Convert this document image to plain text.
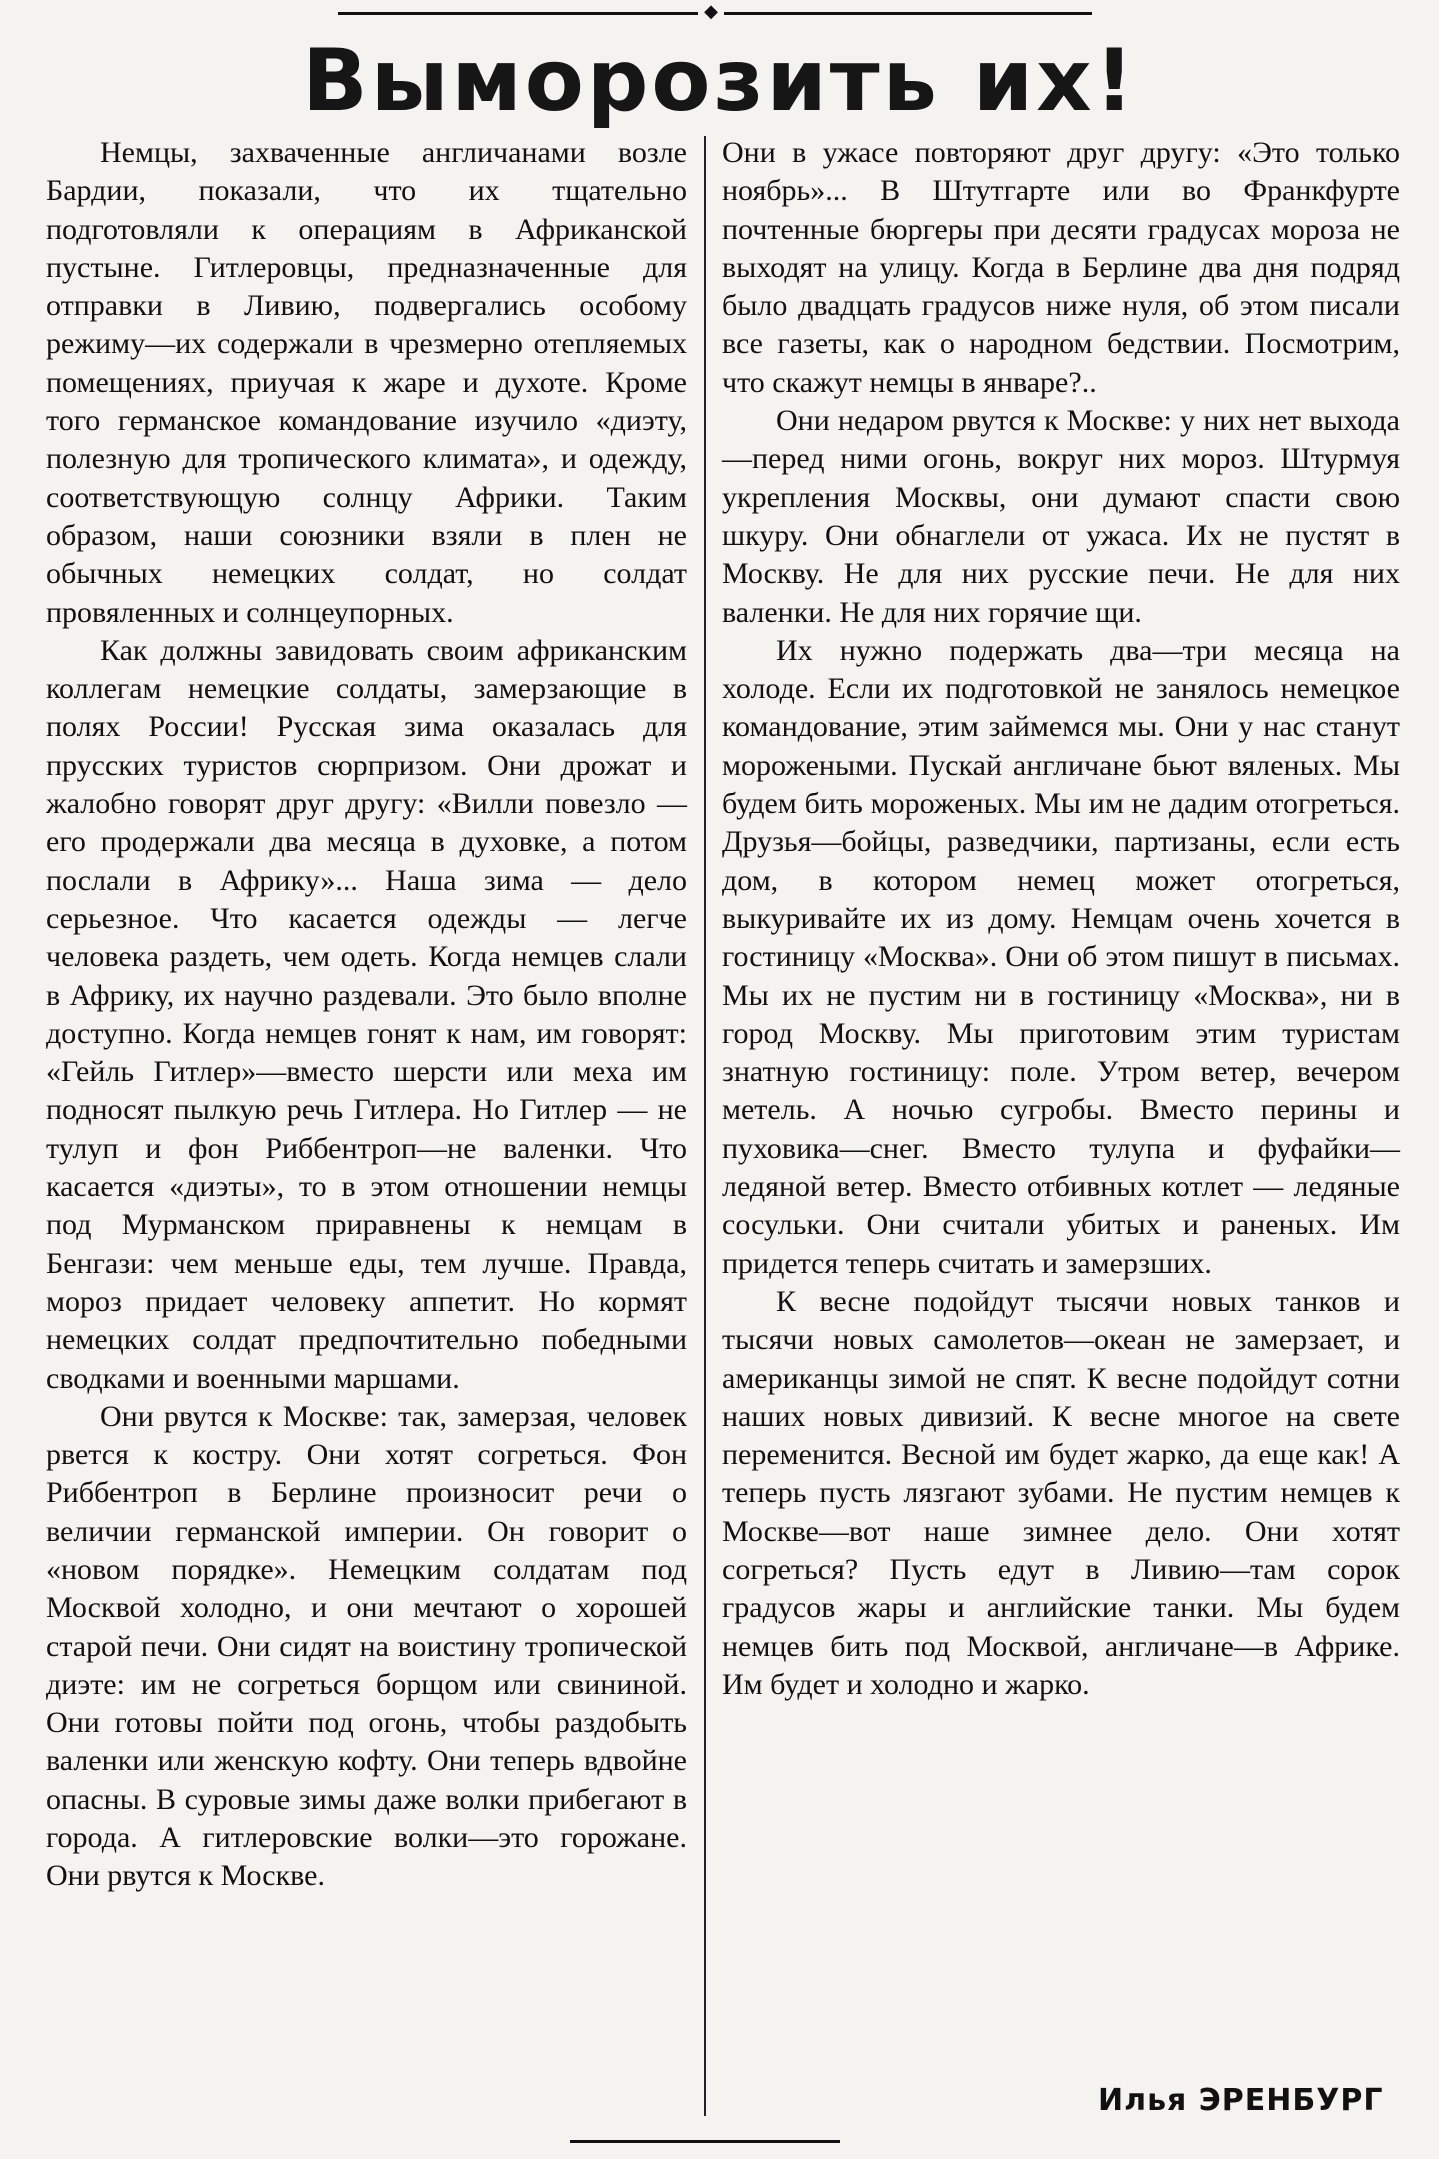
◆
Выморозить их!

Немцы, захваченные англичанами возле Бардии, показали, что их тщательно подготовляли к операциям в Африканской пустыне. Гитлеровцы, предназначенные для отправки в Ливию, подвергались особому режиму—их содержали в чрезмерно отепляемых помещениях, приучая к жаре и духоте. Кроме того германское командование изучило «диэту, полезную для тропического климата», и одежду, соответствующую солнцу Африки. Таким образом, наши союзники взяли в плен не обычных немецких солдат, но солдат провяленных и солнцеупорных.

Как должны завидовать своим африканским коллегам немецкие солдаты, замерзающие в полях России! Русская зима оказалась для прусских туристов сюрпризом. Они дрожат и жалобно говорят друг другу: «Вилли повезло — его продержали два месяца в духовке, а потом послали в Африку»... Наша зима — дело серьезное. Что касается одежды — легче человека раздеть, чем одеть. Когда немцев слали в Африку, их научно раздевали. Это было вполне доступно. Когда немцев гонят к нам, им говорят: «Гейль Гитлер»—вместо шерсти или меха им подносят пылкую речь Гитлера. Но Гитлер — не тулуп и фон Риббентроп—не валенки. Что касается «диэты», то в этом отношении немцы под Мурманском приравнены к немцам в Бенгази: чем меньше еды, тем лучше. Правда, мороз придает человеку аппетит. Но кормят немецких солдат предпочтительно победными сводками и военными маршами.

Они рвутся к Москве: так, замерзая, человек рвется к костру. Они хотят согреться. Фон Риббентроп в Берлине произносит речи о величии германской империи. Он говорит о «новом порядке». Немецким солдатам под Москвой холодно, и они мечтают о хорошей старой печи. Они сидят на воистину тропической диэте: им не согреться борщом или свининой. Они готовы пойти под огонь, чтобы раздобыть валенки или женскую кофту. Они теперь вдвойне опасны. В суровые зимы даже волки прибегают в города. А гитлеровские волки—это горожане. Они рвутся к Москве.

Они в ужасе повторяют друг другу: «Это только ноябрь»... В Штутгарте или во Франкфурте почтенные бюргеры при десяти градусах мороза не выходят на улицу. Когда в Берлине два дня подряд было двадцать градусов ниже нуля, об этом писали все газеты, как о народном бедствии. Посмотрим, что скажут немцы в январе?..

Они недаром рвутся к Москве: у них нет выхода—перед ними огонь, вокруг них мороз. Штурмуя укрепления Москвы, они думают спасти свою шкуру. Они обнаглели от ужаса. Их не пустят в Москву. Не для них русские печи. Не для них валенки. Не для них горячие щи.

Их нужно подержать два—три месяца на холоде. Если их подготовкой не занялось немецкое командование, этим займемся мы. Они у нас станут морожеными. Пускай англичане бьют вяленых. Мы будем бить мороженых. Мы им не дадим отогреться. Друзья—бойцы, разведчики, партизаны, если есть дом, в котором немец может отогреться, выкуривайте их из дому. Немцам очень хочется в гостиницу «Москва». Они об этом пишут в письмах. Мы их не пустим ни в гостиницу «Москва», ни в город Москву. Мы приготовим этим туристам знатную гостиницу: поле. Утром ветер, вечером метель. А ночью сугробы. Вместо перины и пуховика—снег. Вместо тулупа и фуфайки—ледяной ветер. Вместо отбивных котлет — ледяные сосульки. Они считали убитых и раненых. Им придется теперь считать и замерзших.

К весне подойдут тысячи новых танков и тысячи новых самолетов—океан не замерзает, и американцы зимой не спят. К весне подойдут сотни наших новых дивизий. К весне многое на свете переменится. Весной им будет жарко, да еще как! А теперь пусть лязгают зубами. Не пустим немцев к Москве—вот наше зимнее дело. Они хотят согреться? Пусть едут в Ливию—там сорок градусов жары и английские танки. Мы будем немцев бить под Москвой, англичане—в Африке. Им будет и холодно и жарко.

Илья ЭРЕНБУРГ
